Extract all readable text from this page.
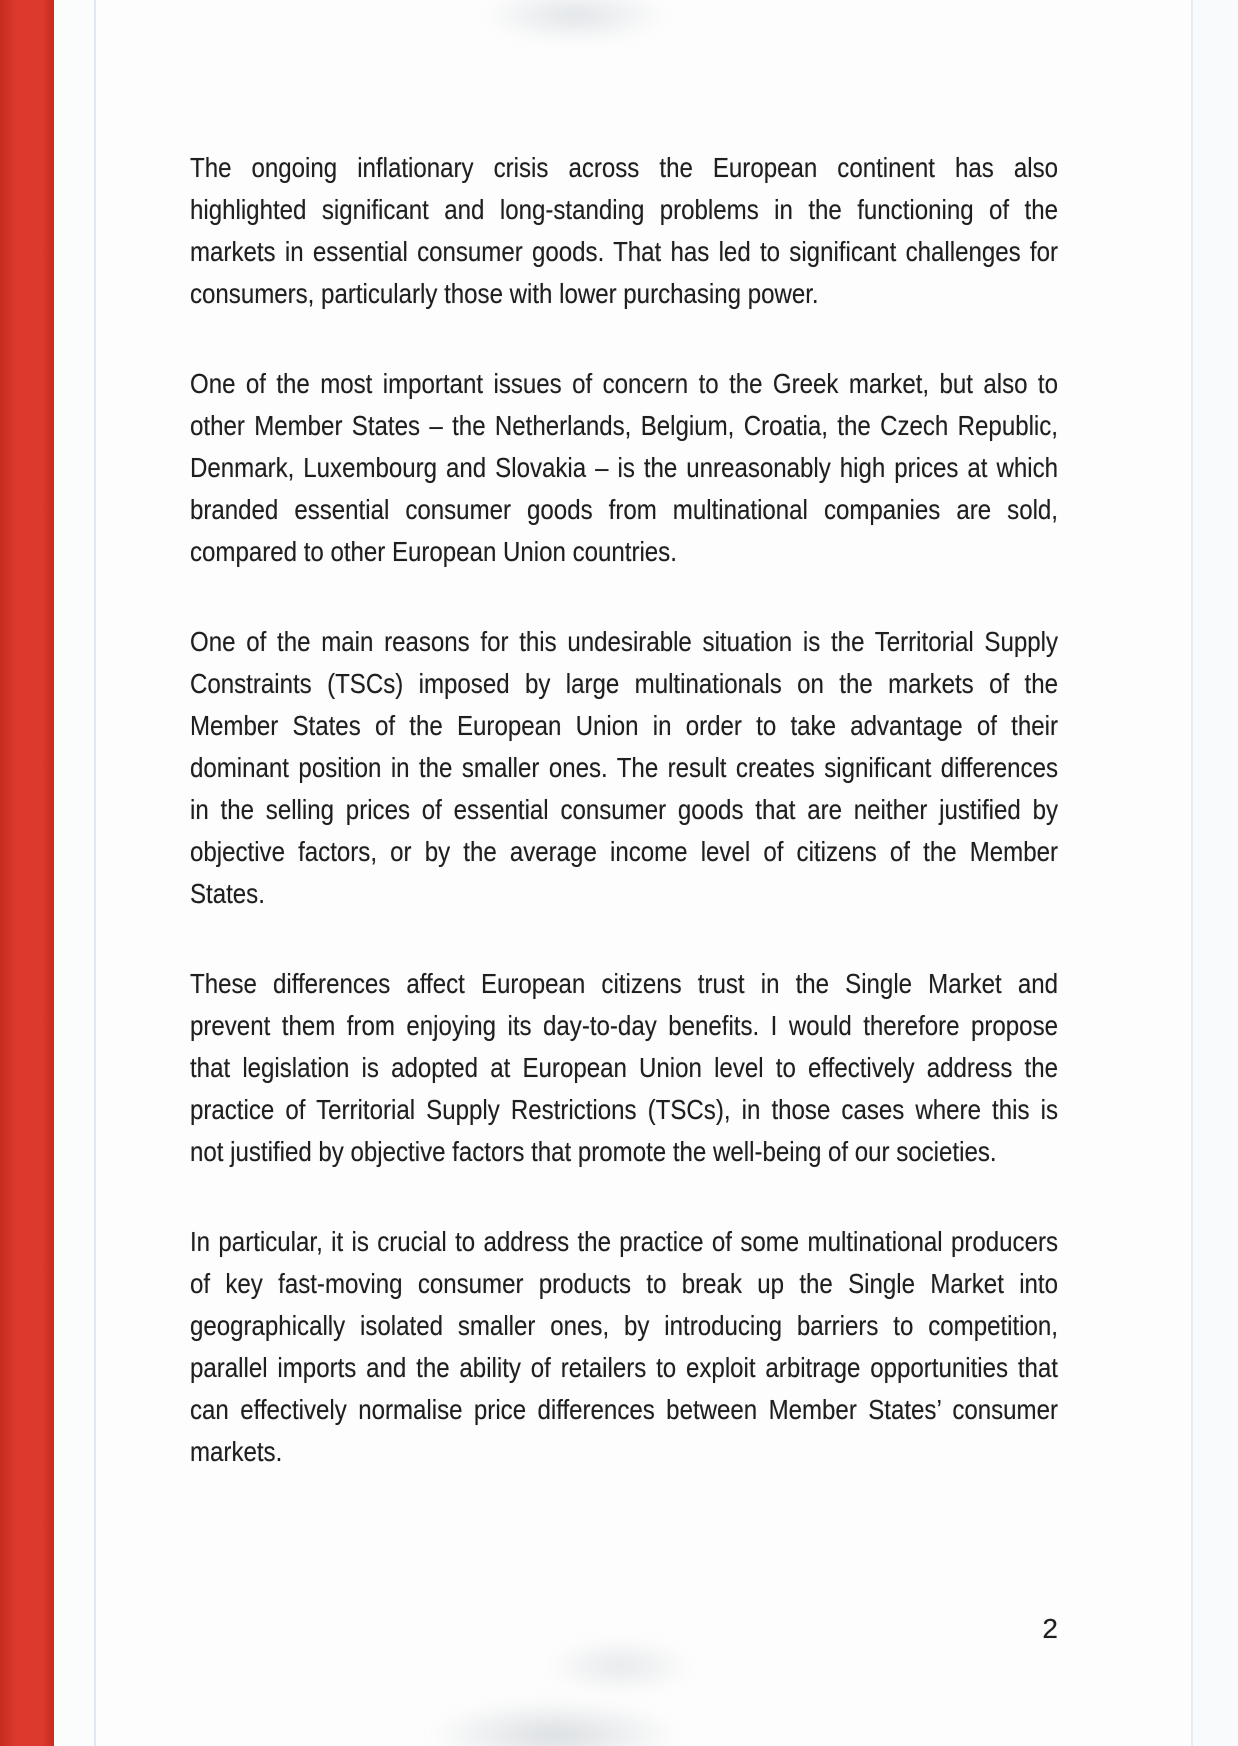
The ongoing inflationary crisis across the European continent has also
highlighted significant and long-standing problems in the functioning of the
markets in essential consumer goods. That has led to significant challenges for
consumers, particularly those with lower purchasing power.
One of the most important issues of concern to the Greek market, but also to
other Member States – the Netherlands, Belgium, Croatia, the Czech Republic,
Denmark, Luxembourg and Slovakia – is the unreasonably high prices at which
branded essential consumer goods from multinational companies are sold,
compared to other European Union countries.
One of the main reasons for this undesirable situation is the Territorial Supply
Constraints (TSCs) imposed by large multinationals on the markets of the
Member States of the European Union in order to take advantage of their
dominant position in the smaller ones. The result creates significant differences
in the selling prices of essential consumer goods that are neither justified by
objective factors, or by the average income level of citizens of the Member
States.
These differences affect European citizens trust in the Single Market and
prevent them from enjoying its day-to-day benefits. I would therefore propose
that legislation is adopted at European Union level to effectively address the
practice of Territorial Supply Restrictions (TSCs), in those cases where this is
not justified by objective factors that promote the well-being of our societies.
In particular, it is crucial to address the practice of some multinational producers
of key fast-moving consumer products to break up the Single Market into
geographically isolated smaller ones, by introducing barriers to competition,
parallel imports and the ability of retailers to exploit arbitrage opportunities that
can effectively normalise price differences between Member States’ consumer
markets.
2
